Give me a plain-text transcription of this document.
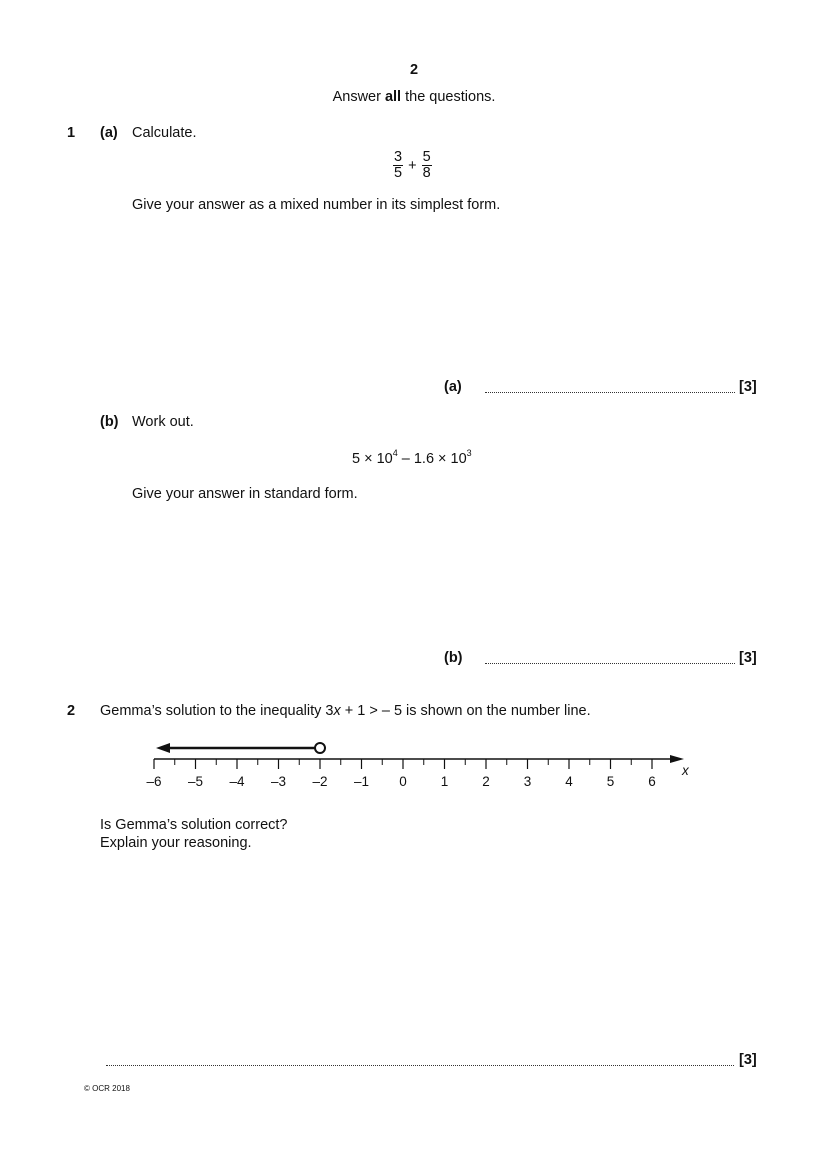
2
Answer all the questions.
1 (a) Calculate.
$\frac{3}{5} + \frac{5}{8}$
Give your answer as a mixed number in its simplest form.
(a)	[3]
(b) Work out.
$5 \times 10^4 - 1.6 \times 10^3$
Give your answer in standard form.
(b)	[3]
2 Gemma’s solution to the inequality 3x + 1 > – 5 is shown on the number line.
–6 –5 –4 –3 –2 –1 0	1	2	3	4	5	6
x
Is Gemma’s solution correct?
Explain your reasoning.
[3]
© OCR 2018
